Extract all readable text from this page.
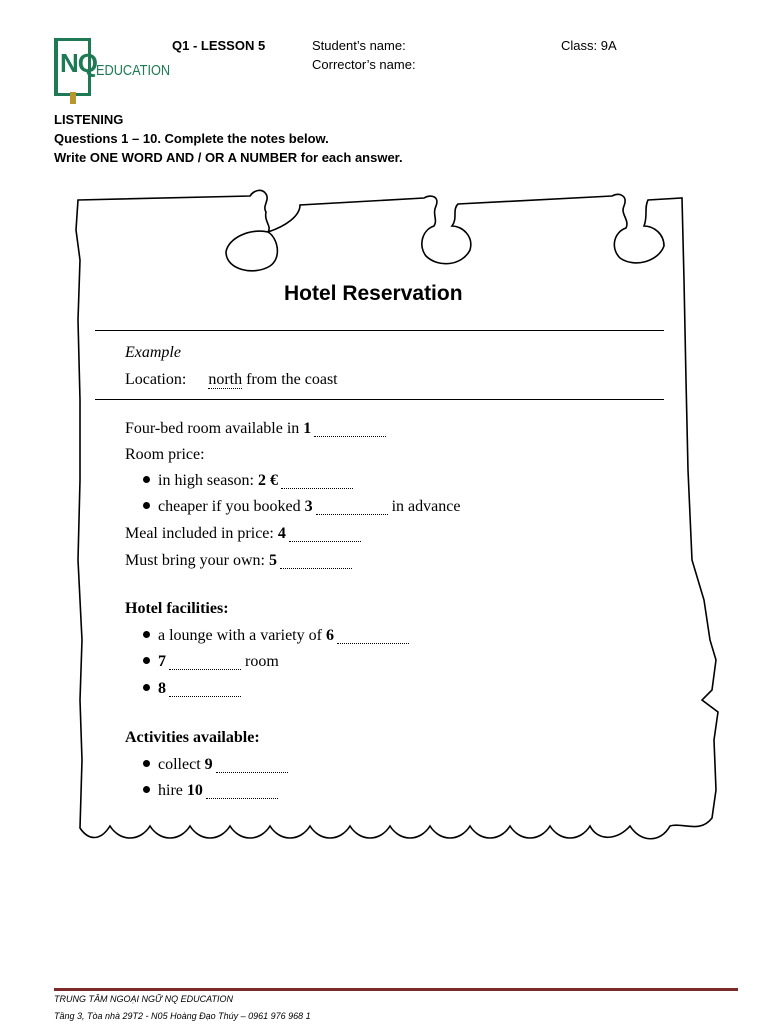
NQ EDUCATION
Q1 - LESSON 5	Student’s name:
Corrector’s name:
Class: 9A
LISTENING
Questions 1 – 10. Complete the notes below.
Write ONE WORD AND / OR A NUMBER for each answer.
Hotel Reservation
Example
Location: north from the coast
Four-bed room available in 1
Room price:
in high season: 2 €
cheaper if you booked 3	in advance
Meal included in price: 4
Must bring your own: 5
Hotel facilities:
a lounge with a variety of 6
7	room
8
Activities available:
collect 9
hire 10
TRUNG TÂM NGOẠI NGỮ NQ EDUCATION
Tầng 3, Tòa nhà 29T2 - N05 Hoàng Đạo Thúy – 0961 976 968 1
